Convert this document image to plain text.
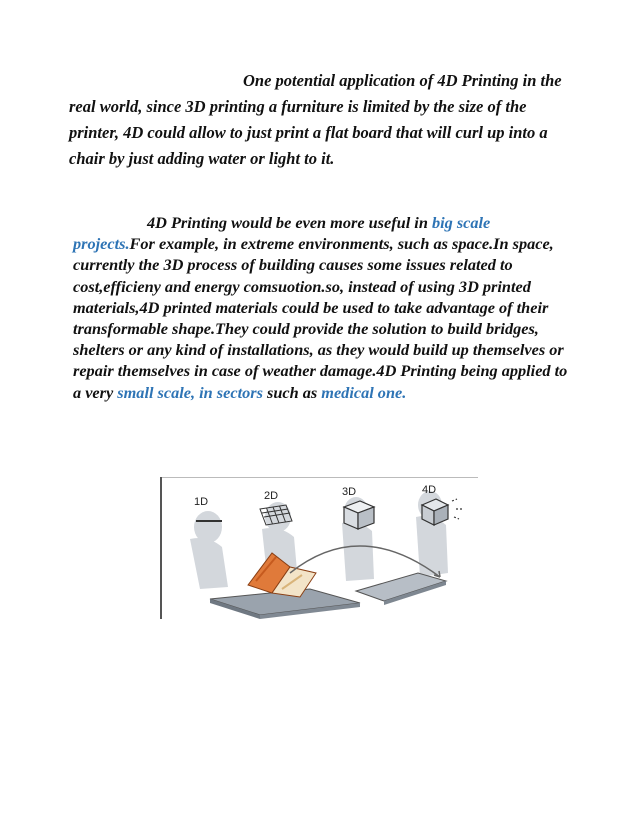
One potential application of 4D Printing in the real world, since 3D printing a furniture is limited by the size of the printer, 4D could allow to just print a flat board that will curl up into a chair by just adding water or light to it.

4D Printing would be even more useful in big scale projects.For example, in extreme environments, such as space.In space, currently the 3D process of building causes some issues related to cost,efficieny and energy comsuotion.so, instead of using 3D printed materials,4D printed materials could be used to take advantage of their transformable shape.They could provide the solution to build bridges, shelters or any kind of installations, as they would build up themselves or repair themselves in case of weather damage.4D Printing being applied to a very small scale, in sectors such as medical one.

1D	2D	3D	4D
